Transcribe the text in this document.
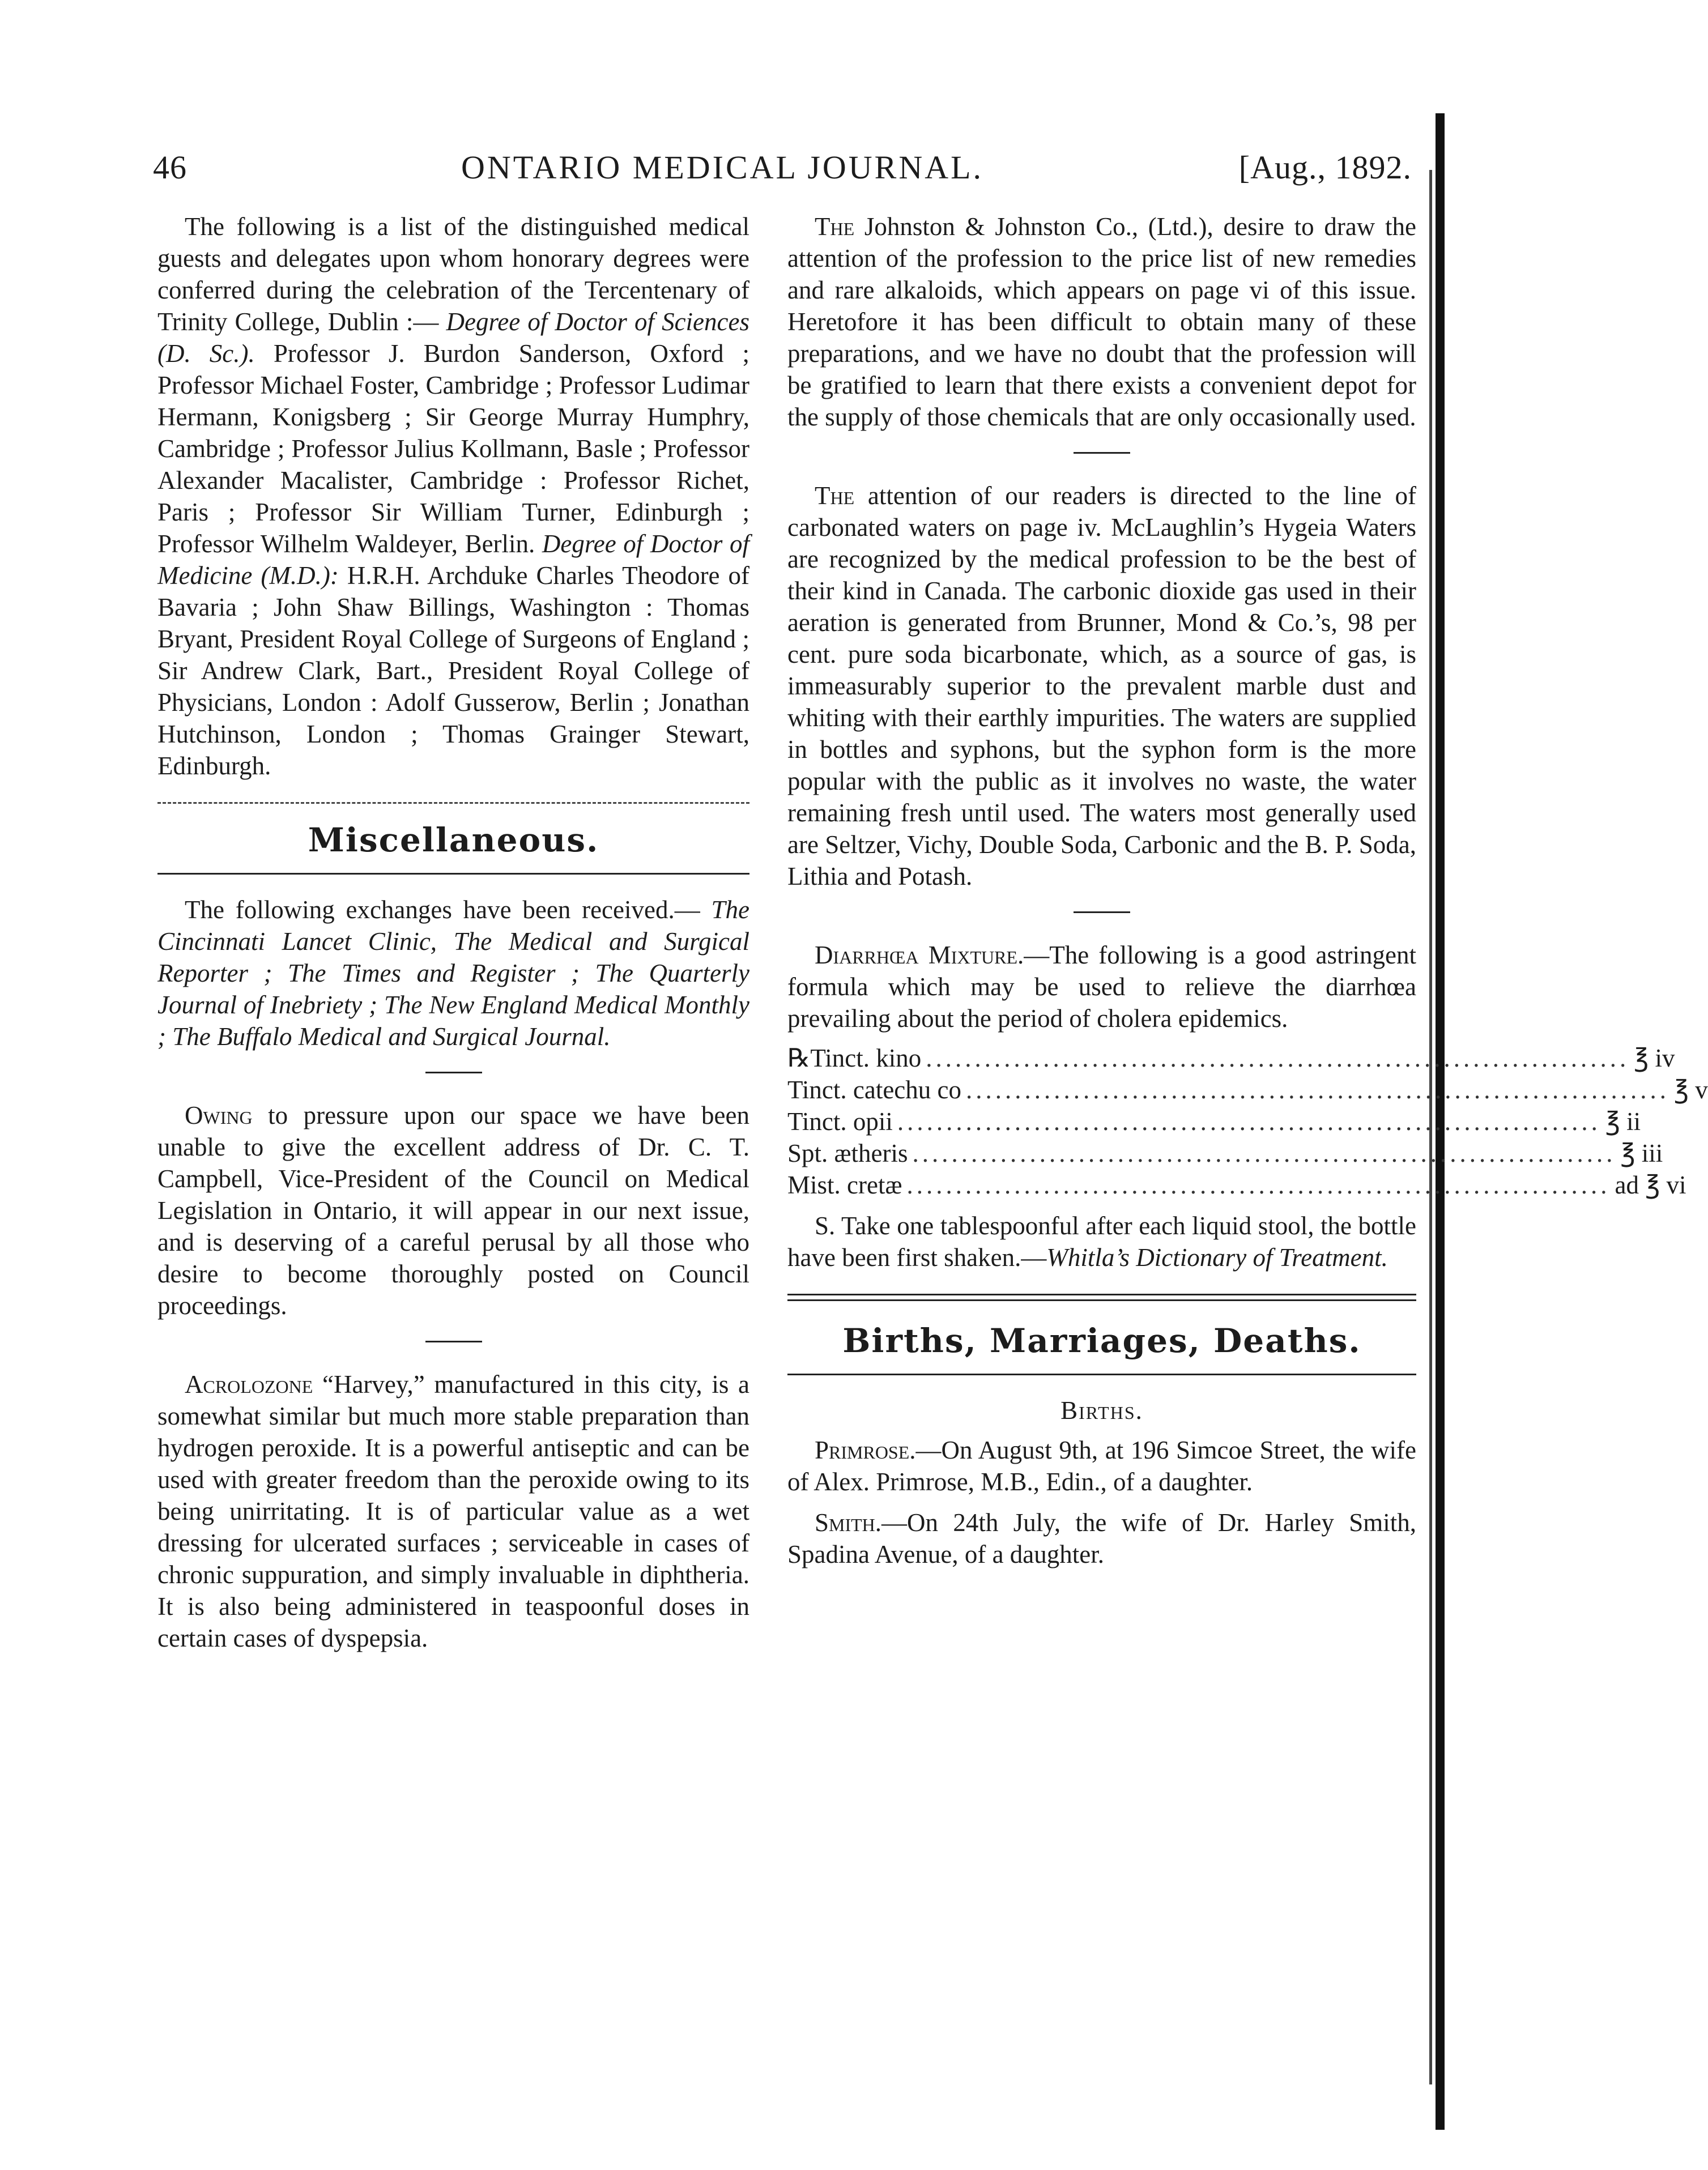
46	ONTARIO MEDICAL JOURNAL.	[Aug., 1892.

The following is a list of the distinguished medical guests and delegates upon whom honorary degrees were conferred during the celebration of the Tercentenary of Trinity College, Dublin :— Degree of Doctor of Sciences (D. Sc.). Professor J. Burdon Sanderson, Oxford ; Professor Michael Foster, Cambridge ; Professor Ludimar Hermann, Konigsberg ; Sir George Murray Humphry, Cambridge ; Professor Julius Kollmann, Basle ; Professor Alexander Macalister, Cambridge : Professor Richet, Paris ; Professor Sir William Turner, Edinburgh ; Professor Wilhelm Waldeyer, Berlin. Degree of Doctor of Medicine (M.D.): H.R.H. Archduke Charles Theodore of Bavaria ; John Shaw Billings, Washington : Thomas Bryant, President Royal College of Surgeons of England ; Sir Andrew Clark, Bart., President Royal College of Physicians, London : Adolf Gusserow, Berlin ; Jonathan Hutchinson, London ; Thomas Grainger Stewart, Edinburgh.

Miscellaneous.

The following exchanges have been received.— The Cincinnati Lancet Clinic, The Medical and Surgical Reporter ; The Times and Register ; The Quarterly Journal of Inebriety ; The New England Medical Monthly ; The Buffalo Medical and Surgical Journal.

Owing to pressure upon our space we have been unable to give the excellent address of Dr. C. T. Campbell, Vice-President of the Council on Medical Legislation in Ontario, it will appear in our next issue, and is deserving of a careful perusal by all those who desire to become thoroughly posted on Council proceedings.

Acrolozone “Harvey,” manufactured in this city, is a somewhat similar but much more stable preparation than hydrogen peroxide. It is a powerful antiseptic and can be used with greater freedom than the peroxide owing to its being unirritating. It is of particular value as a wet dressing for ulcerated surfaces ; serviceable in cases of chronic suppuration, and simply invaluable in diphtheria. It is also being administered in teaspoonful doses in certain cases of dyspepsia.

The Johnston & Johnston Co., (Ltd.), desire to draw the attention of the profession to the price list of new remedies and rare alkaloids, which appears on page vi of this issue. Heretofore it has been difficult to obtain many of these preparations, and we have no doubt that the profession will be gratified to learn that there exists a convenient depot for the supply of those chemicals that are only occasionally used.

The attention of our readers is directed to the line of carbonated waters on page iv. McLaughlin’s Hygeia Waters are recognized by the medical profession to be the best of their kind in Canada. The carbonic dioxide gas used in their aeration is generated from Brunner, Mond & Co.’s, 98 per cent. pure soda bicarbonate, which, as a source of gas, is immeasurably superior to the prevalent marble dust and whiting with their earthly impurities. The waters are supplied in bottles and syphons, but the syphon form is the more popular with the public as it involves no waste, the water remaining fresh until used. The waters most generally used are Seltzer, Vichy, Double Soda, Carbonic and the B. P. Soda, Lithia and Potash.

Diarrhœa Mixture.—The following is a good astringent formula which may be used to relieve the diarrhœa prevailing about the period of cholera epidemics.

℞ Tinct. kino ........................................................................ ℥ iv
Tinct. catechu co ........................................................................ ℥ v
Tinct. opii ........................................................................ ℥ ii
Spt. ætheris ........................................................................ ℥ iii
Mist. cretæ ........................................................................ ad ℥ vi

S. Take one tablespoonful after each liquid stool, the bottle have been first shaken.—Whitla’s Dictionary of Treatment.

Births, Marriages, Deaths.
Births.

Primrose.—On August 9th, at 196 Simcoe Street, the wife of Alex. Primrose, M.B., Edin., of a daughter.

Smith.—On 24th July, the wife of Dr. Harley Smith, Spadina Avenue, of a daughter.
